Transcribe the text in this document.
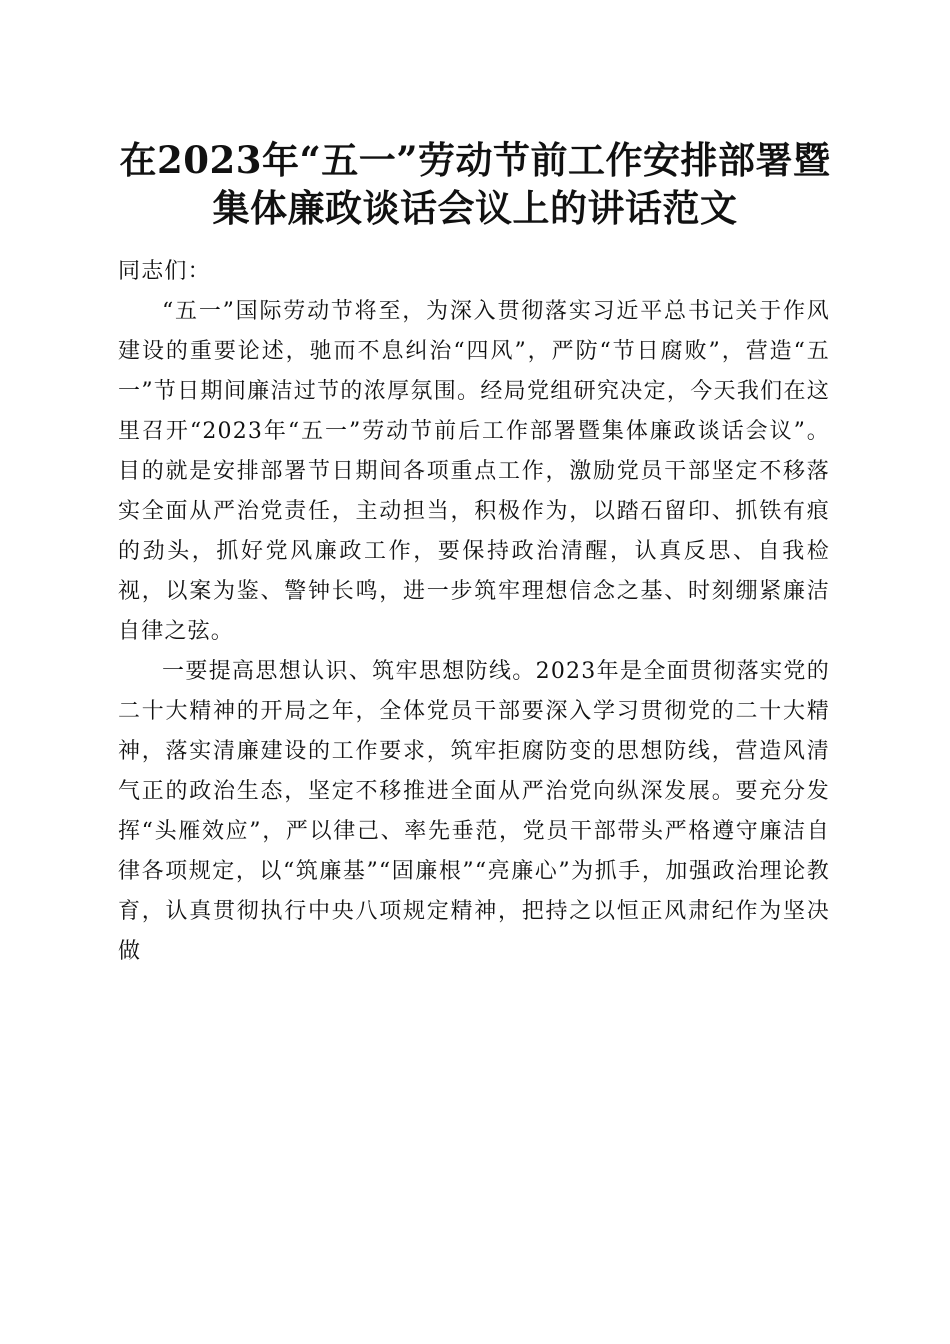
在2023年“五一”劳动节前工作安排部署暨
集体廉政谈话会议上的讲话范文

同志们：

“五一”国际劳动节将至，为深入贯彻落实习近平总书记关于作风建设的重要论述，驰而不息纠治“四风”，严防“节日腐败”，营造“五一”节日期间廉洁过节的浓厚氛围。经局党组研究决定，今天我们在这里召开“2023年“五一”劳动节前后工作部署暨集体廉政谈话会议”。目的就是安排部署节日期间各项重点工作，激励党员干部坚定不移落实全面从严治党责任，主动担当，积极作为，以踏石留印、抓铁有痕的劲头，抓好党风廉政工作，要保持政治清醒，认真反思、自我检视，以案为鉴、警钟长鸣，进一步筑牢理想信念之基、时刻绷紧廉洁自律之弦。

一要提高思想认识、筑牢思想防线。2023年是全面贯彻落实党的二十大精神的开局之年，全体党员干部要深入学习贯彻党的二十大精神，落实清廉建设的工作要求，筑牢拒腐防变的思想防线，营造风清气正的政治生态，坚定不移推进全面从严治党向纵深发展。要充分发挥“头雁效应”，严以律己、率先垂范，党员干部带头严格遵守廉洁自律各项规定，以“筑廉基”“固廉根”“亮廉心”为抓手，加强政治理论教育，认真贯彻执行中央八项规定精神，把持之以恒正风肃纪作为坚决做
